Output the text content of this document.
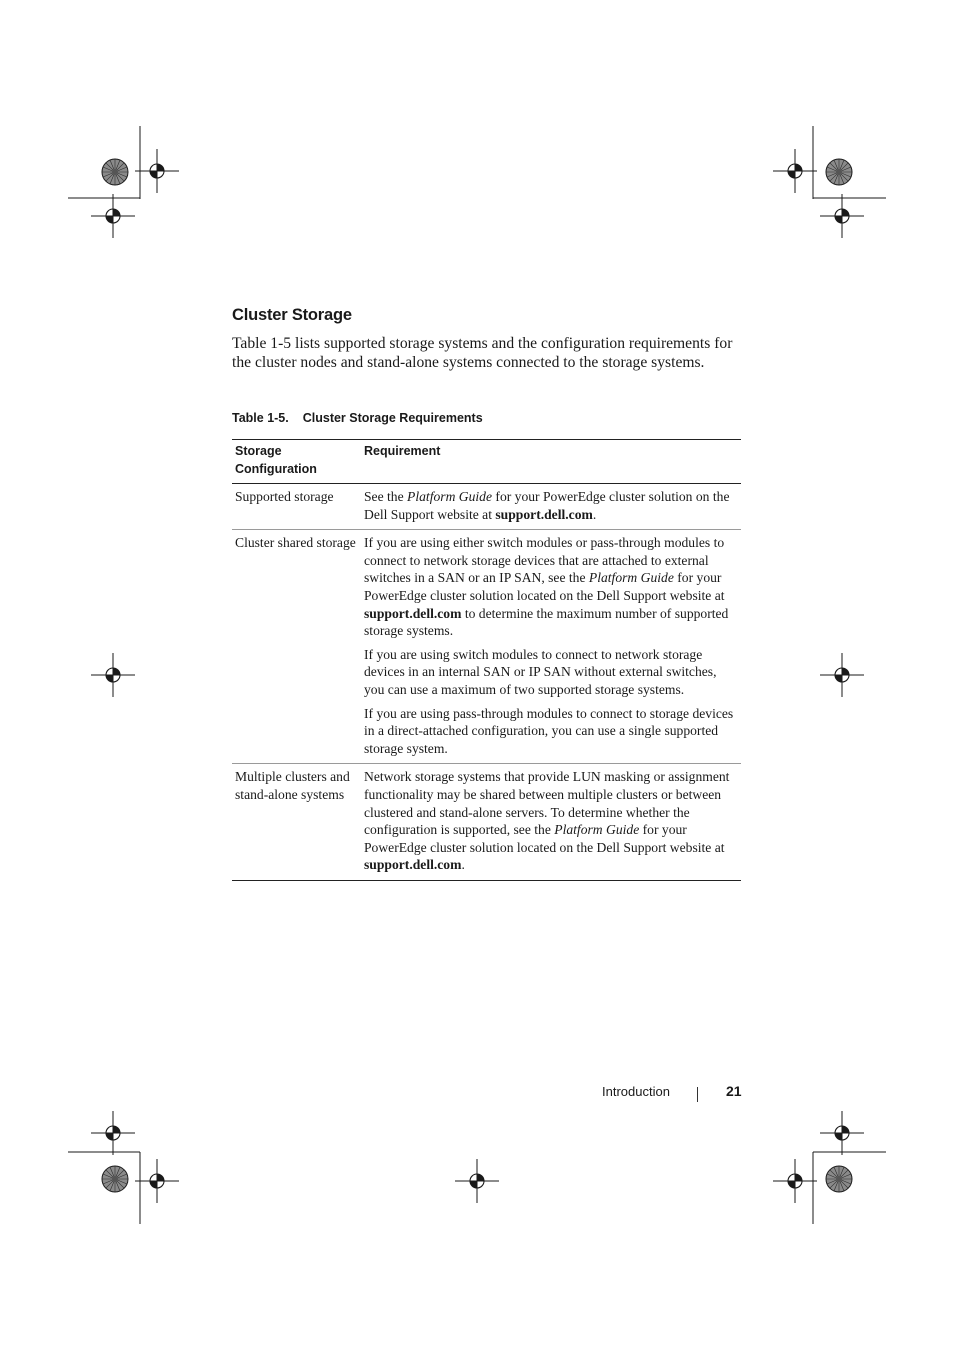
Cluster Storage

Table 1-5 lists supported storage systems and the configuration requirements for the cluster nodes and stand-alone systems connected to the storage systems.

Table 1-5. Cluster Storage Requirements

Storage
Configuration	Requirement
Supported storage	See the Platform Guide for your PowerEdge cluster solution on the Dell Support website at support.dell.com.

Cluster shared storage	If you are using either switch modules or pass-through modules to connect to network storage devices that are attached to external switches in a SAN or an IP SAN, see the Platform Guide for your PowerEdge cluster solution located on the Dell Support website at support.dell.com to determine the maximum number of supported storage systems.

If you are using switch modules to connect to network storage devices in an internal SAN or IP SAN without external switches, you can use a maximum of two supported storage systems.

If you are using pass-through modules to connect to storage devices in a direct-attached configuration, you can use a single supported storage system.

Multiple clusters and stand-alone systems	Network storage systems that provide LUN masking or assignment functionality may be shared between multiple clusters or between clustered and stand-alone servers. To determine whether the configuration is supported, see the Platform Guide for your PowerEdge cluster solution located on the Dell Support website at support.dell.com.

Introduction	21
